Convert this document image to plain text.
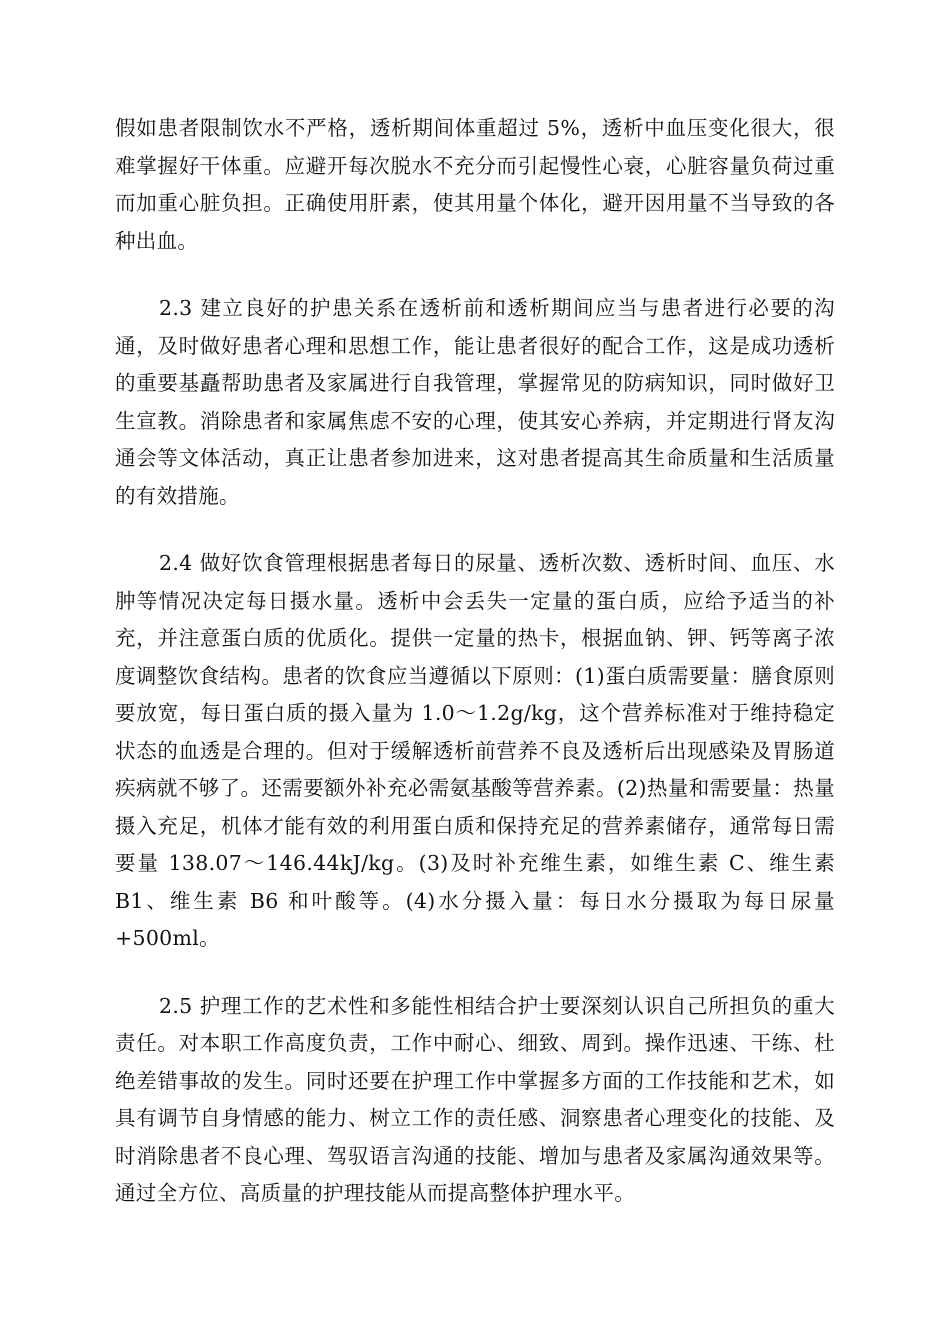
假如患者限制饮水不严格，透析期间体重超过 5%，透析中血压变化很大，很难掌握好干体重。应避开每次脱水不充分而引起慢性心衰，心脏容量负荷过重而加重心脏负担。正确使用肝素，使其用量个体化，避开因用量不当导致的各种出血。

2.3 建立良好的护患关系在透析前和透析期间应当与患者进行必要的沟通，及时做好患者心理和思想工作，能让患者很好的配合工作，这是成功透析的重要基矗帮助患者及家属进行自我管理，掌握常见的防病知识，同时做好卫生宣教。消除患者和家属焦虑不安的心理，使其安心养病，并定期进行肾友沟通会等文体活动，真正让患者参加进来，这对患者提高其生命质量和生活质量的有效措施。

2.4 做好饮食管理根据患者每日的尿量、透析次数、透析时间、血压、水肿等情况决定每日摄水量。透析中会丢失一定量的蛋白质，应给予适当的补充，并注意蛋白质的优质化。提供一定量的热卡，根据血钠、钾、钙等离子浓度调整饮食结构。患者的饮食应当遵循以下原则：(1)蛋白质需要量：膳食原则要放宽，每日蛋白质的摄入量为 1.0～1.2g/kg，这个营养标准对于维持稳定状态的血透是合理的。但对于缓解透析前营养不良及透析后出现感染及胃肠道疾病就不够了。还需要额外补充必需氨基酸等营养素。(2)热量和需要量：热量摄入充足，机体才能有效的利用蛋白质和保持充足的营养素储存，通常每日需要量 138.07～146.44kJ/kg。(3)及时补充维生素，如维生素 C、维生素 B1、维生素 B6 和叶酸等。(4)水分摄入量：每日水分摄取为每日尿量+500ml。

2.5 护理工作的艺术性和多能性相结合护士要深刻认识自己所担负的重大责任。对本职工作高度负责，工作中耐心、细致、周到。操作迅速、干练、杜绝差错事故的发生。同时还要在护理工作中掌握多方面的工作技能和艺术，如具有调节自身情感的能力、树立工作的责任感、洞察患者心理变化的技能、及时消除患者不良心理、驾驭语言沟通的技能、增加与患者及家属沟通效果等。通过全方位、高质量的护理技能从而提高整体护理水平。
